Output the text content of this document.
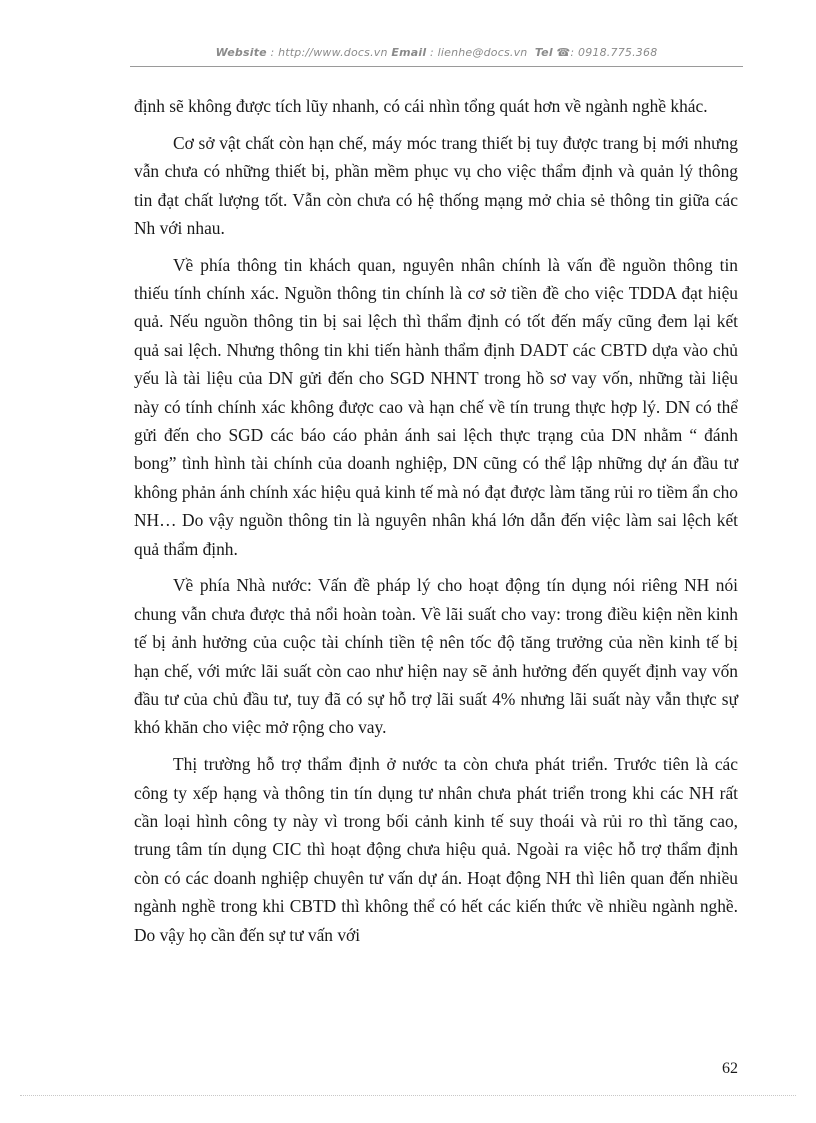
Website : http://www.docs.vn Email : lienhe@docs.vn  Tel ☎: 0918.775.368

định sẽ không được tích lũy nhanh, có cái nhìn tổng quát hơn về ngành nghề khác.

Cơ sở vật chất còn hạn chế, máy móc trang thiết bị tuy được trang bị mới nhưng vẫn chưa có những thiết bị, phần mềm phục vụ cho việc thẩm định và quản lý thông tin đạt chất lượng tốt. Vẫn còn chưa có hệ thống mạng mở chia sẻ thông tin giữa các Nh với nhau.

Về phía thông tin khách quan, nguyên nhân chính là vấn đề nguồn thông tin thiếu tính chính xác. Nguồn thông tin chính là cơ sở tiền đề cho việc TDDA đạt hiệu quả. Nếu nguồn thông tin bị sai lệch thì thẩm định có tốt đến mấy cũng đem lại kết quả sai lệch. Nhưng thông tin khi tiến hành thẩm định DADT các CBTD dựa vào chủ yếu là tài liệu của DN gửi đến cho SGD NHNT trong hồ sơ vay vốn, những tài liệu này có tính chính xác không được cao và hạn chế về tín trung thực hợp lý. DN có thể gửi đến cho SGD các báo cáo phản ánh sai lệch thực trạng của DN nhằm “ đánh bong” tình hình tài chính của doanh nghiệp, DN cũng có thể lập những dự án đầu tư không phản ánh chính xác hiệu quả kinh tế mà nó đạt được làm tăng rủi ro tiềm ẩn cho NH… Do vậy nguồn thông tin là nguyên nhân khá lớn dẫn đến việc làm sai lệch kết quả thẩm định.

Về phía Nhà nước: Vấn đề pháp lý cho hoạt động tín dụng nói riêng NH nói chung vẫn chưa được thả nổi hoàn toàn. Về lãi suất cho vay: trong điều kiện nền kinh tế bị ảnh hưởng của cuộc tài chính tiền tệ nên tốc độ tăng trưởng của nền kinh tế bị hạn chế, với mức lãi suất còn cao như hiện nay sẽ ảnh hưởng đến quyết định vay vốn đầu tư của chủ đầu tư, tuy đã có sự hỗ trợ lãi suất 4% nhưng lãi suất này vẫn thực sự khó khăn cho việc mở rộng cho vay.

Thị trường hỗ trợ thẩm định ở nước ta còn chưa phát triển. Trước tiên là các công ty xếp hạng và thông tin tín dụng tư nhân chưa phát triển trong khi các NH rất cần loại hình công ty này vì trong bối cảnh kinh tế suy thoái và rủi ro thì tăng cao, trung tâm tín dụng CIC thì hoạt động chưa hiệu quả. Ngoài ra việc hỗ trợ thẩm định còn có các doanh nghiệp chuyên tư vấn dự án. Hoạt động NH thì liên quan đến nhiều ngành nghề trong khi CBTD thì không thể có hết các kiến thức về nhiều ngành nghề. Do vậy họ cần đến sự tư vấn với

62
